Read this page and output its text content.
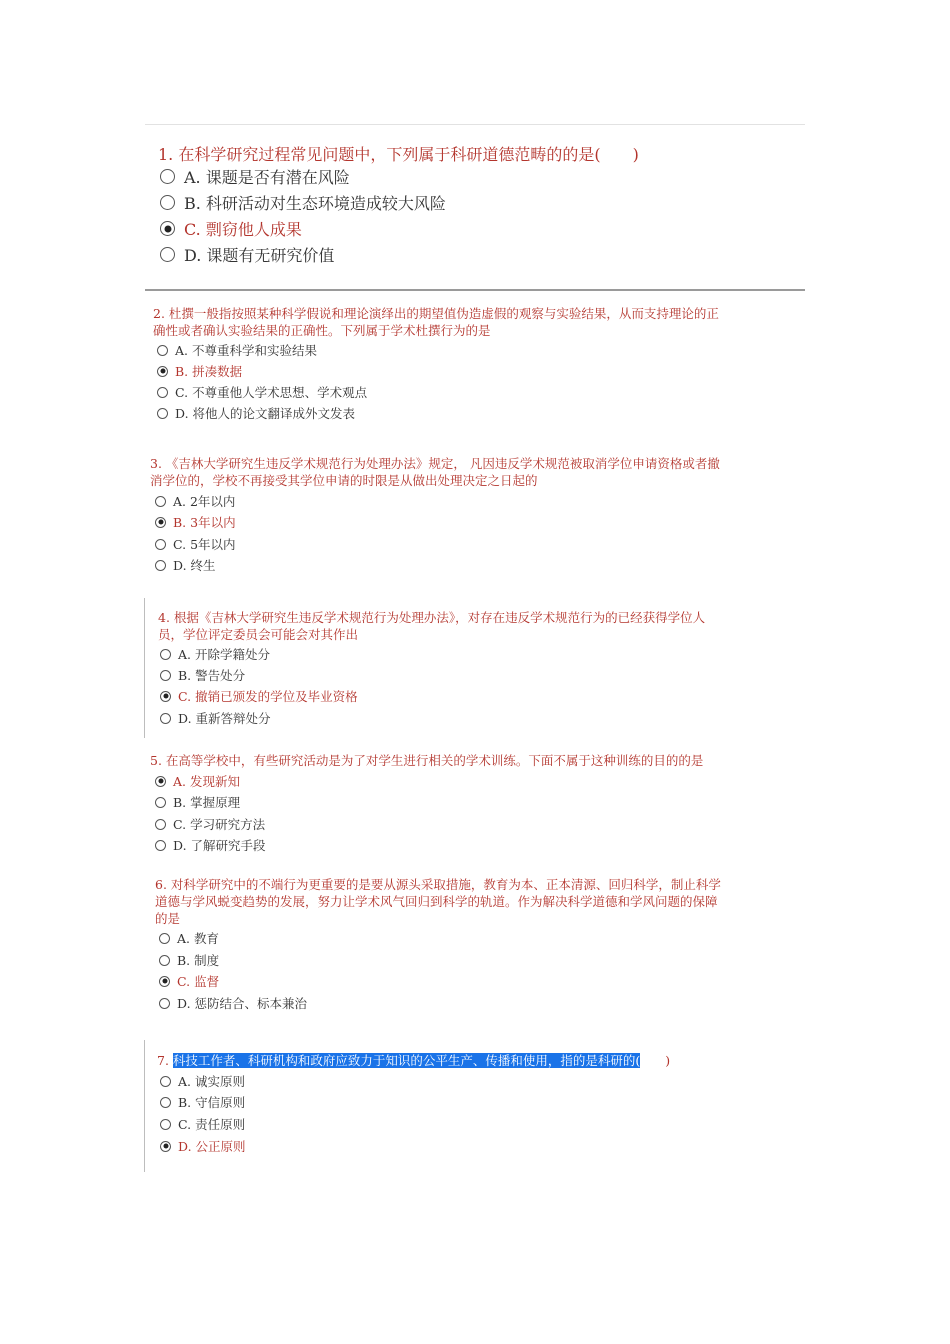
1. 在科学研究过程常见问题中，下列属于科研道德范畴的的是(　　)
A. 课题是否有潜在风险
B. 科研活动对生态环境造成较大风险
C. 剽窃他人成果
D. 课题有无研究价值
2. 杜撰一般指按照某种科学假说和理论演绎出的期望值伪造虚假的观察与实验结果，从而支持理论的正
确性或者确认实验结果的正确性。下列属于学术杜撰行为的是
A. 不尊重科学和实验结果
B. 拼凑数据
C. 不尊重他人学术思想、学术观点
D. 将他人的论文翻译成外文发表
3. 《吉林大学研究生违反学术规范行为处理办法》规定， 凡因违反学术规范被取消学位申请资格或者撤
消学位的，学校不再接受其学位申请的时限是从做出处理决定之日起的
A. 2年以内
B. 3年以内
C. 5年以内
D. 终生
4. 根据《吉林大学研究生违反学术规范行为处理办法》，对存在违反学术规范行为的已经获得学位人
员，学位评定委员会可能会对其作出
A. 开除学籍处分
B. 警告处分
C. 撤销已颁发的学位及毕业资格
D. 重新答辩处分
5. 在高等学校中，有些研究活动是为了对学生进行相关的学术训练。下面不属于这种训练的目的的是
A. 发现新知
B. 掌握原理
C. 学习研究方法
D. 了解研究手段
6. 对科学研究中的不端行为更重要的是要从源头采取措施，教育为本、正本清源、回归科学，制止科学
道德与学风蜕变趋势的发展，努力让学术风气回归到科学的轨道。作为解决科学道德和学风问题的保障
的是
A. 教育
B. 制度
C. 监督
D. 惩防结合、标本兼治
7. 科技工作者、科研机构和政府应致力于知识的公平生产、传播和使用，指的是科研的(　　)
A. 诚实原则
B. 守信原则
C. 责任原则
D. 公正原则
